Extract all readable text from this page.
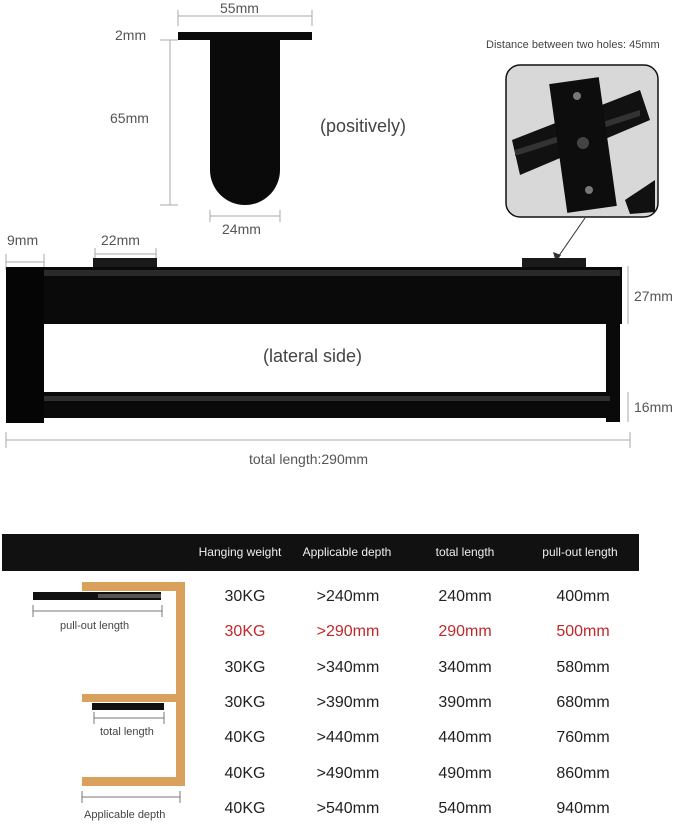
55mm
2mm
65mm
24mm
(positively)
Distance between two holes: 45mm
9mm	22mm
27mm
16mm
(lateral side)
total length:290mm
pull-out length
total length
Applicable depth
Hanging weight	Applicable depth	total length	pull-out length
30KG	>240mm	240mm	400mm
30KG	>290mm	290mm	500mm
30KG	>340mm	340mm	580mm
30KG	>390mm	390mm	680mm
40KG	>440mm	440mm	760mm
40KG	>490mm	490mm	860mm
40KG	>540mm	540mm	940mm
